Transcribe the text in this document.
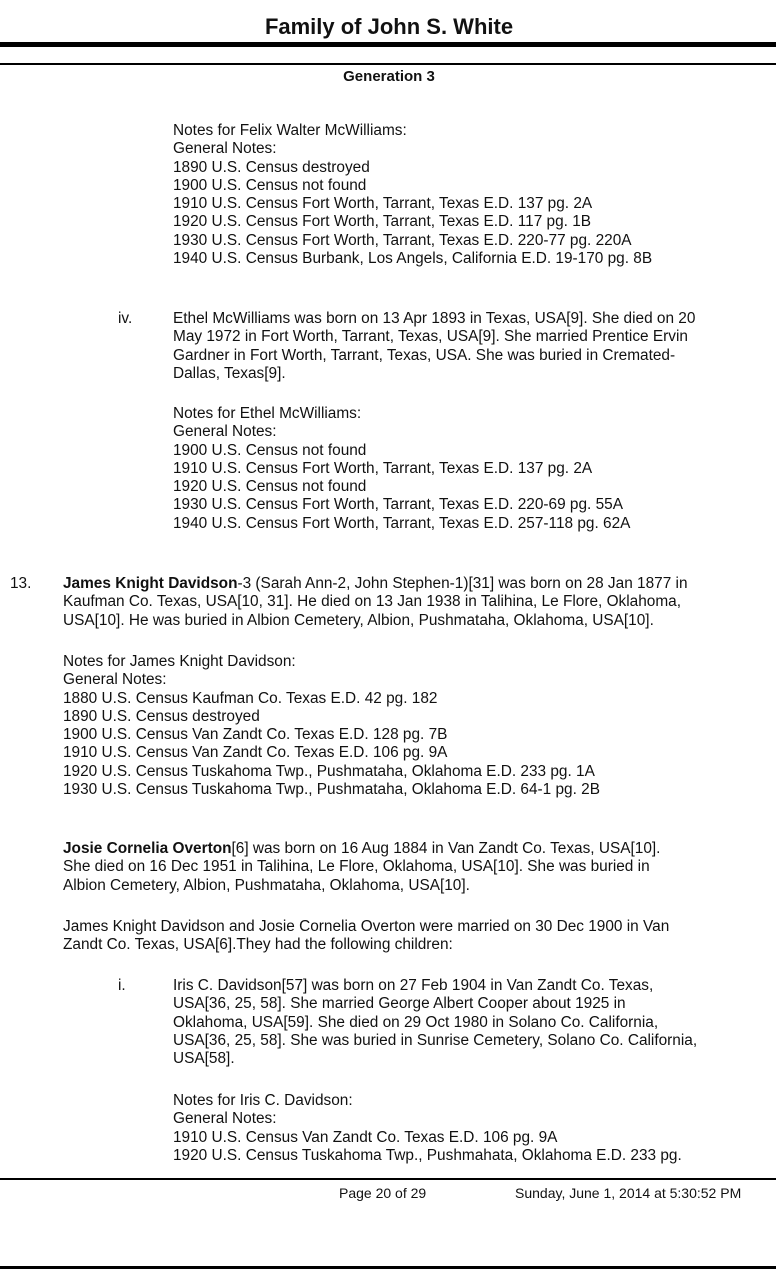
Family of John S. White
Generation 3
Notes for Felix Walter McWilliams:
General Notes:
1890 U.S. Census destroyed
1900 U.S. Census not found
1910 U.S. Census Fort Worth, Tarrant, Texas E.D. 137 pg. 2A
1920 U.S. Census Fort Worth, Tarrant, Texas E.D. 117 pg. 1B
1930 U.S. Census Fort Worth, Tarrant, Texas E.D. 220-77 pg. 220A
1940 U.S. Census Burbank, Los Angels, California E.D. 19-170 pg. 8B
iv.	Ethel McWilliams was born on 13 Apr 1893 in Texas, USA[9]. She died on 20
May 1972 in Fort Worth, Tarrant, Texas, USA[9]. She married Prentice Ervin
Gardner in Fort Worth, Tarrant, Texas, USA. She was buried in Cremated-
Dallas, Texas[9].
Notes for Ethel McWilliams:
General Notes:
1900 U.S. Census not found
1910 U.S. Census Fort Worth, Tarrant, Texas E.D. 137 pg. 2A
1920 U.S. Census not found
1930 U.S. Census Fort Worth, Tarrant, Texas E.D. 220-69 pg. 55A
1940 U.S. Census Fort Worth, Tarrant, Texas E.D. 257-118 pg. 62A
13. James Knight Davidson-3 (Sarah Ann-2, John Stephen-1)[31] was born on 28 Jan 1877 in
Kaufman Co. Texas, USA[10, 31]. He died on 13 Jan 1938 in Talihina, Le Flore, Oklahoma,
USA[10]. He was buried in Albion Cemetery, Albion, Pushmataha, Oklahoma, USA[10].
Notes for James Knight Davidson:
General Notes:
1880 U.S. Census Kaufman Co. Texas E.D. 42 pg. 182
1890 U.S. Census destroyed
1900 U.S. Census Van Zandt Co. Texas E.D. 128 pg. 7B
1910 U.S. Census Van Zandt Co. Texas E.D. 106 pg. 9A
1920 U.S. Census Tuskahoma Twp., Pushmataha, Oklahoma E.D. 233 pg. 1A
1930 U.S. Census Tuskahoma Twp., Pushmataha, Oklahoma E.D. 64-1 pg. 2B
Josie Cornelia Overton[6] was born on 16 Aug 1884 in Van Zandt Co. Texas, USA[10].
She died on 16 Dec 1951 in Talihina, Le Flore, Oklahoma, USA[10]. She was buried in
Albion Cemetery, Albion, Pushmataha, Oklahoma, USA[10].
James Knight Davidson and Josie Cornelia Overton were married on 30 Dec 1900 in Van
Zandt Co. Texas, USA[6].They had the following children:
i.	Iris C. Davidson[57] was born on 27 Feb 1904 in Van Zandt Co. Texas,
USA[36, 25, 58]. She married George Albert Cooper about 1925 in
Oklahoma, USA[59]. She died on 29 Oct 1980 in Solano Co. California,
USA[36, 25, 58]. She was buried in Sunrise Cemetery, Solano Co. California,
USA[58].
Notes for Iris C. Davidson:
General Notes:
1910 U.S. Census Van Zandt Co. Texas E.D. 106 pg. 9A
1920 U.S. Census Tuskahoma Twp., Pushmahata, Oklahoma E.D. 233 pg.
Page 20 of 29	Sunday, June 1, 2014 at 5:30:52 PM
